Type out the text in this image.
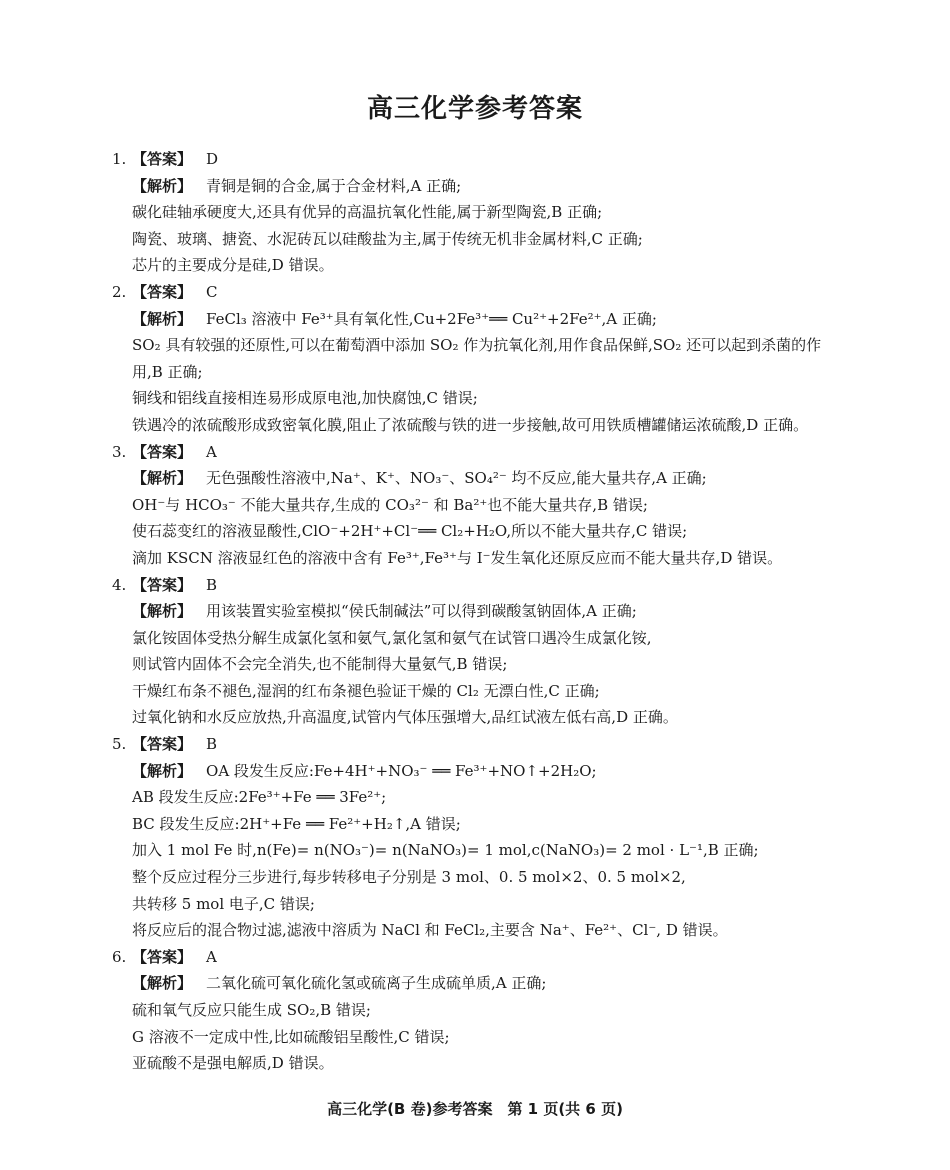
高三化学参考答案
1. 【答案】 D
【解析】 青铜是铜的合金,属于合金材料,A 正确;
碳化硅轴承硬度大,还具有优异的高温抗氧化性能,属于新型陶瓷,B 正确;
陶瓷、玻璃、搪瓷、水泥砖瓦以硅酸盐为主,属于传统无机非金属材料,C 正确;
芯片的主要成分是硅,D 错误。
2. 【答案】 C
【解析】 FeCl₃ 溶液中 Fe³⁺具有氧化性,Cu+2Fe³⁺══ Cu²⁺+2Fe²⁺,A 正确;
SO₂ 具有较强的还原性,可以在葡萄酒中添加 SO₂ 作为抗氧化剂,用作食品保鲜,SO₂ 还可以起到杀菌的作用,B 正确;
铜线和铝线直接相连易形成原电池,加快腐蚀,C 错误;
铁遇冷的浓硫酸形成致密氧化膜,阻止了浓硫酸与铁的进一步接触,故可用铁质槽罐储运浓硫酸,D 正确。
3. 【答案】 A
【解析】 无色强酸性溶液中,Na⁺、K⁺、NO₃⁻、SO₄²⁻ 均不反应,能大量共存,A 正确;
OH⁻与 HCO₃⁻ 不能大量共存,生成的 CO₃²⁻ 和 Ba²⁺也不能大量共存,B 错误;
使石蕊变红的溶液显酸性,ClO⁻+2H⁺+Cl⁻══ Cl₂+H₂O,所以不能大量共存,C 错误;
滴加 KSCN 溶液显红色的溶液中含有 Fe³⁺,Fe³⁺与 I⁻发生氧化还原反应而不能大量共存,D 错误。
4. 【答案】 B
【解析】 用该装置实验室模拟“侯氏制碱法”可以得到碳酸氢钠固体,A 正确;
氯化铵固体受热分解生成氯化氢和氨气,氯化氢和氨气在试管口遇冷生成氯化铵,
则试管内固体不会完全消失,也不能制得大量氨气,B 错误;
干燥红布条不褪色,湿润的红布条褪色验证干燥的 Cl₂ 无漂白性,C 正确;
过氧化钠和水反应放热,升高温度,试管内气体压强增大,品红试液左低右高,D 正确。
5. 【答案】 B
【解析】 OA 段发生反应:Fe+4H⁺+NO₃⁻ ══ Fe³⁺+NO↑+2H₂O;
AB 段发生反应:2Fe³⁺+Fe ══ 3Fe²⁺;
BC 段发生反应:2H⁺+Fe ══ Fe²⁺+H₂↑,A 错误;
加入 1 mol Fe 时,n(Fe)= n(NO₃⁻)= n(NaNO₃)= 1 mol,c(NaNO₃)= 2 mol · L⁻¹,B 正确;
整个反应过程分三步进行,每步转移电子分别是 3 mol、0. 5 mol×2、0. 5 mol×2,
共转移 5 mol 电子,C 错误;
将反应后的混合物过滤,滤液中溶质为 NaCl 和 FeCl₂,主要含 Na⁺、Fe²⁺、Cl⁻, D 错误。
6. 【答案】 A
【解析】 二氧化硫可氧化硫化氢或硫离子生成硫单质,A 正确;
硫和氧气反应只能生成 SO₂,B 错误;
G 溶液不一定成中性,比如硫酸铝呈酸性,C 错误;
亚硫酸不是强电解质,D 错误。
高三化学(B 卷)参考答案　第 1 页(共 6 页)
